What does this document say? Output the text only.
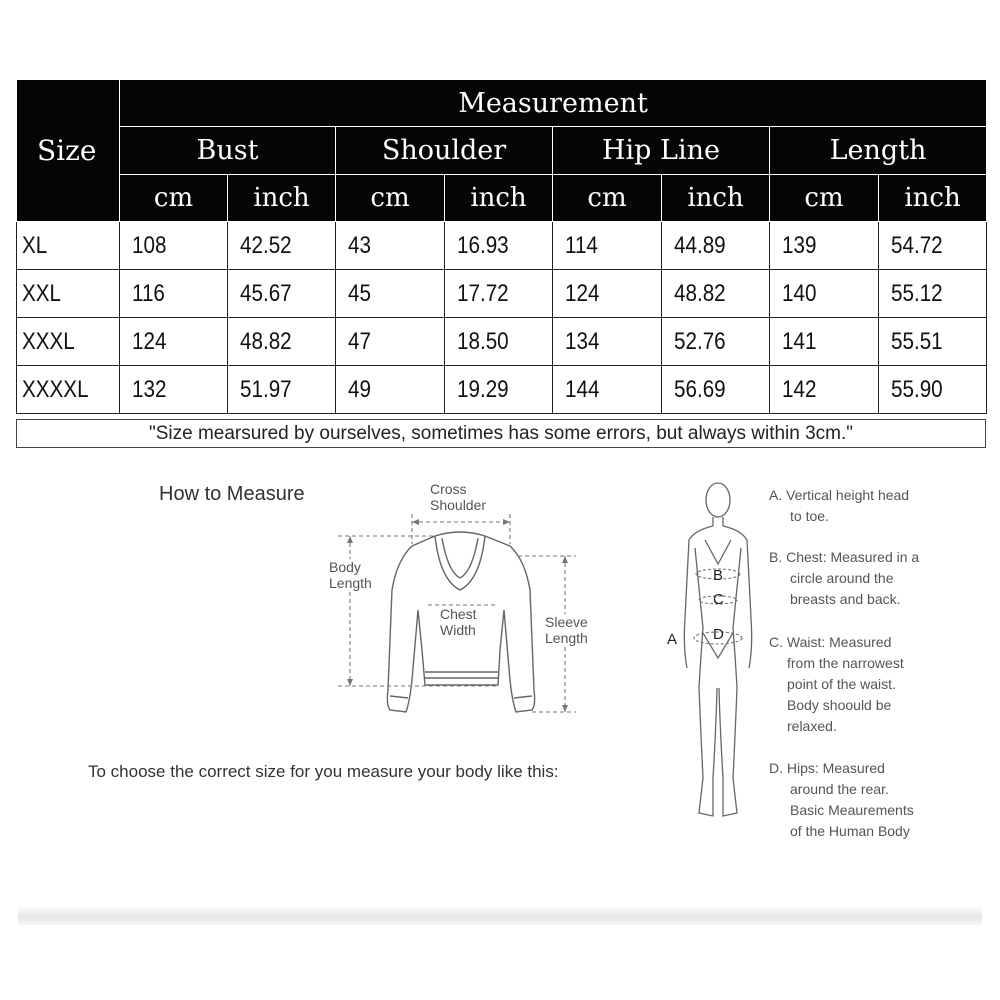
Size	Measurement							
	Bust		Shoulder		Hip Line		Length	
	cm	inch	cm	inch	cm	inch	cm	inch
XL	108	42.52	43	16.93	114	44.89	139	54.72
XXL	116	45.67	45	17.72	124	48.82	140	55.12
XXXL	124	48.82	47	18.50	134	52.76	141	55.51
XXXXL	132	51.97	49	19.29	144	56.69	142	55.90
"Size mearsured by ourselves, sometimes has some errors, but always within 3cm."
How to Measure
To choose the correct size for you measure your body like this:
Cross
Shoulder
Body
Length
Chest
Width	Sleeve
Length	A
B
C
D
A. Vertical height head
to toe.
B. Chest: Measured in a
circle around the
breasts and back.
C. Waist: Measured
from the narrowest
point of the waist.
Body shoould be
relaxed.
D. Hips: Measured
around the rear.
Basic Meaurements
of the Human Body
